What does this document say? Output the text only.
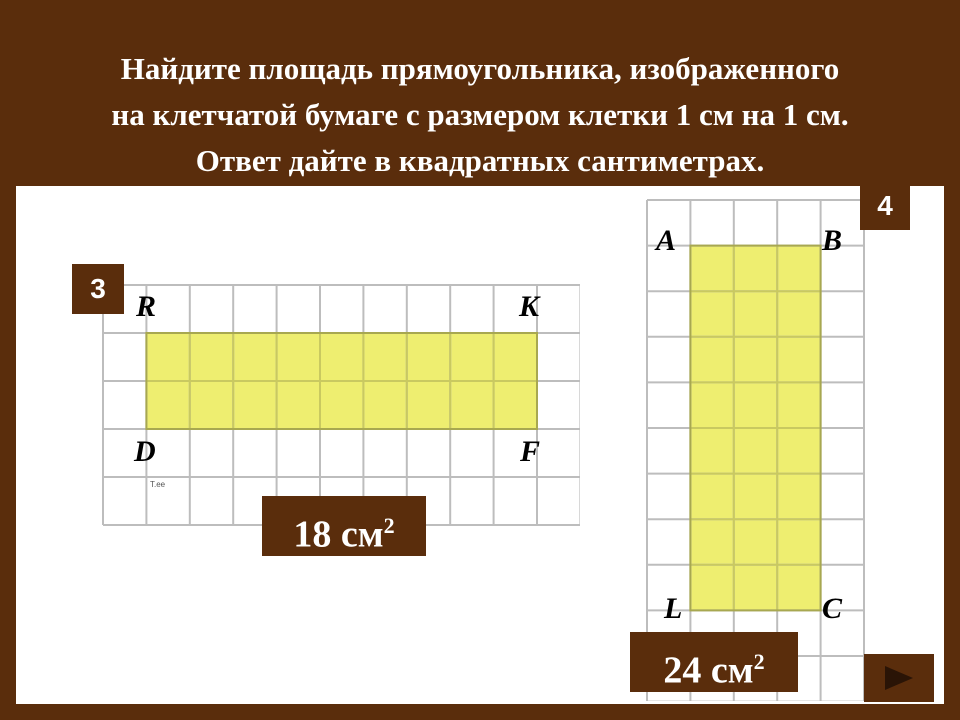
Найдите площадь прямоугольника, изображенного
на клетчатой бумаге с размером клетки 1 см на 1 см.
Ответ дайте в квадратных сантиметрах.
3
R	K
D	F
Т.ее
18 $см^2$
4
A	B
L	C
24 $см^2$
